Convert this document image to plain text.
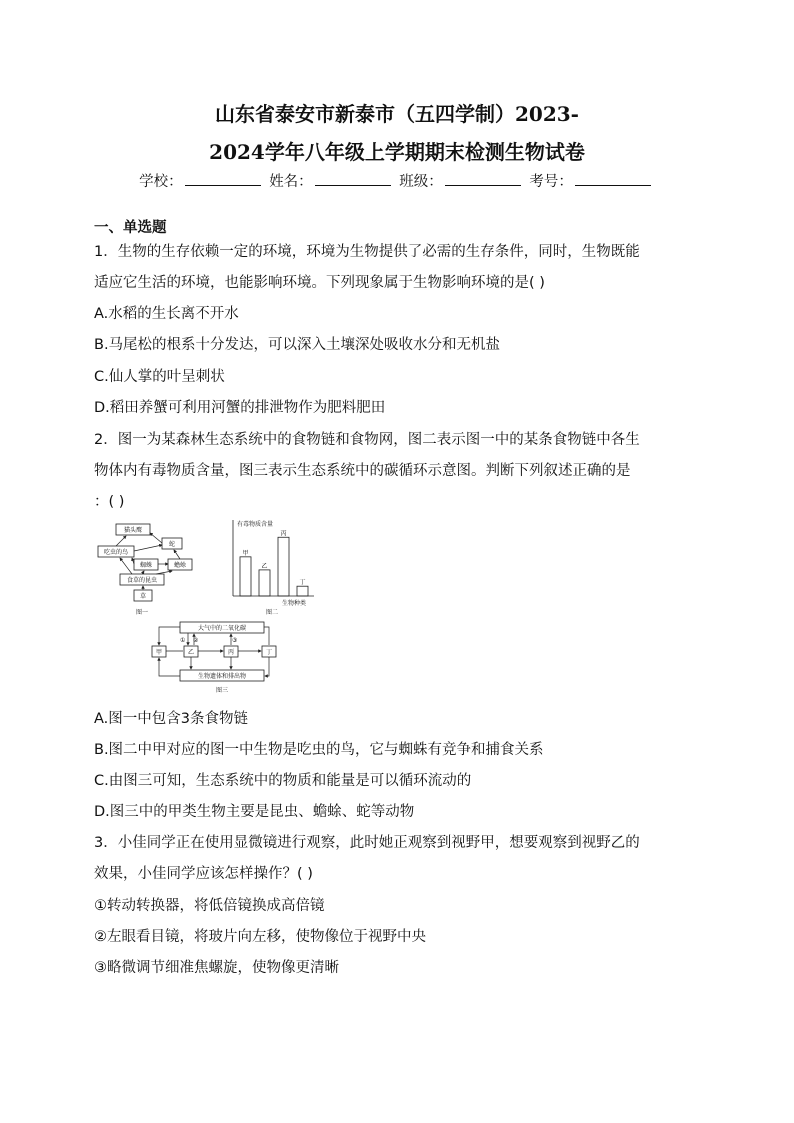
山东省泰安市新泰市（五四学制）2023-
2024学年八年级上学期期末检测生物试卷
学校：	姓名：	班级：	考号：
一、单选题
1．生物的生存依赖一定的环境，环境为生物提供了必需的生存条件，同时，生物既能
适应它生活的环境，也能影响环境。下列现象属于生物影响环境的是( )
A.水稻的生长离不开水
B.马尾松的根系十分发达，可以深入土壤深处吸收水分和无机盐
C.仙人掌的叶呈刺状
D.稻田养蟹可利用河蟹的排泄物作为肥料肥田
2．图一为某森林生态系统中的食物链和食物网，图二表示图一中的某条食物链中各生
物体内有毒物质含量，图三表示生态系统中的碳循环示意图。判断下列叙述正确的是
：( )
猫头鹰
蛇
吃虫的鸟
蜘蛛	蟾蜍
食草的昆虫
草
图一
有毒物质含量
生物种类
甲
乙
丙
丁
图二
大气中的二氧化碳
生物遗体和排出物
甲	乙	丙	丁
① ②	③
图三
A.图一中包含3条食物链
B.图二中甲对应的图一中生物是吃虫的鸟，它与蜘蛛有竞争和捕食关系
C.由图三可知，生态系统中的物质和能量是可以循环流动的
D.图三中的甲类生物主要是昆虫、蟾蜍、蛇等动物
3．小佳同学正在使用显微镜进行观察，此时她正观察到视野甲，想要观察到视野乙的
效果，小佳同学应该怎样操作？( )
①转动转换器，将低倍镜换成高倍镜
②左眼看目镜，将玻片向左移，使物像位于视野中央
③略微调节细准焦螺旋，使物像更清晰
